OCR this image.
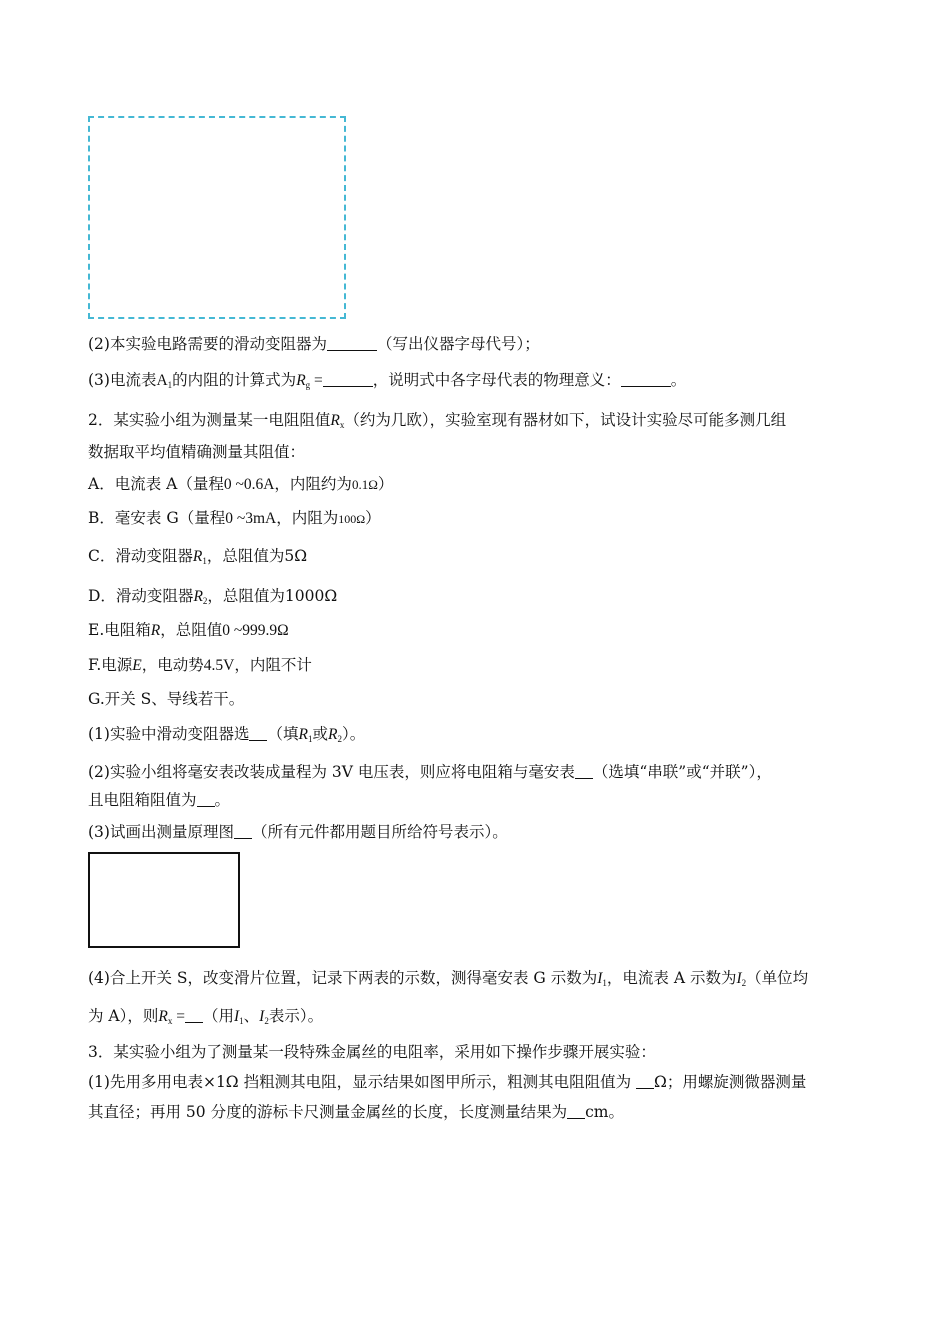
(2)本实验电路需要的滑动变阻器为	（写出仪器字母代号）；
(3)电流表$A_1$的内阻的计算式为$R_g$ =	，说明式中各字母代表的物理意义：	。
2．某实验小组为测量某一电阻阻值$R_x$（约为几欧），实验室现有器材如下，试设计实验尽可能多测几组
数据取平均值精确测量其阻值：
A．电流表 A（量程0 ~0.6A，内阻约为0.1Ω）
B．毫安表 G（量程0 ~3mA，内阻为100Ω）
C．滑动变阻器$R_1$，总阻值为5Ω
D．滑动变阻器$R_2$，总阻值为1000Ω
E.电阻箱R，总阻值0 ~999.9Ω
F.电源E，电动势4.5V，内阻不计
G.开关 S、导线若干。
(1)实验中滑动变阻器选 （填$R_1$或$R_2$）。
(2)实验小组将毫安表改装成量程为 3V 电压表，则应将电阻箱与毫安表 （选填“串联”或“并联”），
且电阻箱阻值为 。
(3)试画出测量原理图 （所有元件都用题目所给符号表示）。
(4)合上开关 S，改变滑片位置，记录下两表的示数，测得毫安表 G 示数为$I_1$，电流表 A 示数为$I_2$（单位均
为 A），则$R_x$ = （用$I_1$、$I_2$表示）。
3．某实验小组为了测量某一段特殊金属丝的电阻率，采用如下操作步骤开展实验：
(1)先用多用电表×1Ω 挡粗测其电阻，显示结果如图甲所示，粗测其电阻阻值为 Ω；用螺旋测微器测量
其直径；再用 50 分度的游标卡尺测量金属丝的长度，长度测量结果为 cm。
